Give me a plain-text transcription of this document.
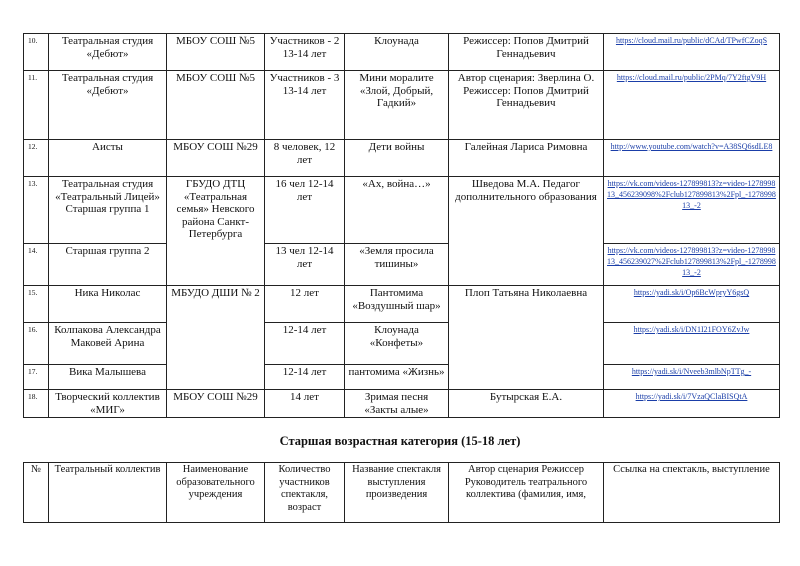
10.	Театральная студия «Дебют»	МБОУ СОШ №5	Участников - 2 13-14 лет	Клоунада	Режиссер: Попов Дмитрий Геннадьевич	https://cloud.mail.ru/public/dCAd/TPwfCZoqS
11.	Театральная студия «Дебют»	МБОУ СОШ №5	Участников - 3 13-14 лет	Мини моралите «Злой, Добрый, Гадкий»	Автор сценария: Зверлина О. Режиссер: Попов Дмитрий Геннадьевич	https://cloud.mail.ru/public/2PMq/7Y2ftgV9H
12.	Аисты	МБОУ СОШ №29	8 человек, 12 лет	Дети войны	Галейная Лариса Римовна	http://www.youtube.com/watch?v=A38SQ6sdLE8
13.	Театральная студия «Театральный Лицей» Старшая группа 1	ГБУДО ДТЦ «Театральная семья» Невского района Санкт-Петербурга	16 чел 12-14 лет	«Ах, война…»	Шведова М.А. Педагог дополнительного образования	https://vk.com/videos-127899813?z=video-127899813_456239098%2Fclub127899813%2Fpl_-127899813_-2
14.	Старшая группа 2		13 чел 12-14 лет	«Земля просила тишины»		https://vk.com/videos-127899813?z=video-127899813_456239027%2Fclub127899813%2Fpl_-127899813_-2
15.	Ника Николас	МБУДО ДШИ № 2	12 лет	Пантомима «Воздушный шар»	Плоп Татьяна Николаевна	https://yadi.sk/i/Op6BcWpryY6gsQ
16.	Колпакова Александра Маковей Арина		12-14 лет	Клоунада «Конфеты»		https://yadi.sk/i/DN1I21FOY6ZvJw
17.	Вика Малышева		12-14 лет	пантомима «Жизнь»		https://yadi.sk/i/Nveeb3mlbNpTTg_-
18.	Творческий коллектив «МИГ»	МБОУ СОШ №29	14 лет	Зримая песня «Закты алые»	Бутырская Е.А.	https://yadi.sk/i/7VzaQClaBISQtA
Старшая возрастная категория (15-18 лет)
№	Театральный коллектив	Наименование образовательного учреждения	Количество участников спектакля, возраст	Название спектакля выступления произведения	Автор сценария Режиссер Руководитель театрального коллектива (фамилия, имя,	Ссылка на спектакль, выступление
